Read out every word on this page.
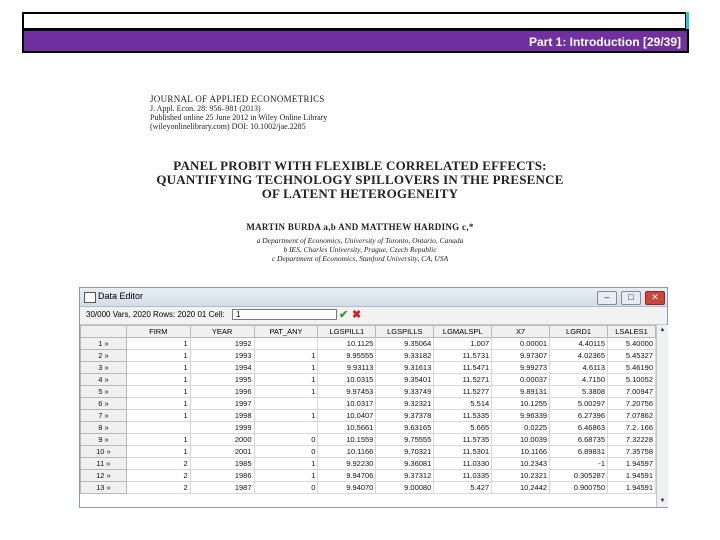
Part 1: Introduction [29/39]
JOURNAL OF APPLIED ECONOMETRICS
J. Appl. Econ. 28: 956–981 (2013)
Published online 25 June 2012 in Wiley Online Library
(wileyonlinelibrary.com) DOI: 10.1002/jae.2285
PANEL PROBIT WITH FLEXIBLE CORRELATED EFFECTS:
QUANTIFYING TECHNOLOGY SPILLOVERS IN THE PRESENCE
OF LATENT HETEROGENEITY
MARTIN BURDA a,b AND MATTHEW HARDING c,*
a Department of Economics, University of Toronto, Ontario, Canada
b IES, Charles University, Prague, Czech Republic
c Department of Economics, Stanford University, CA, USA
Data Editor	–	□	✕
30/000 Vars, 2020 Rows: 2020 01 Cell:
1	✔ ✖
	FIRM	YEAR	PAT_ANY	LGSPILL1	LGSPILLS	LGMALSPL	X7	LGRD1	LSALES1
1 »	1	1992		10.1125	9.35064	1.007	0.00001	4.40115	5.40000
2 »	1	1993	1	9.95555	9.33182	11.5731	9.97307	4.02365	5.45327
3 »	1	1994	1	9.93113	9.31613	11.5471	9.99273	4.6113	5.46190
4 »	1	1995	1	10.0315	9.35401	11.5271	0.00037	4.7150	5.10052
5 »	1	1996	1	9.97453	9.33749	11.5277	9.89131	5.3808	7.00947
6 »	1	1997		10.0317	9.32321	5.514	10.1255	5.00297	7.20756
7 »	1	1998	1	10.0407	9.37378	11.5335	9.96339	6.27396	7.07862
8 »		1999		10.5661	9.63165	5.665	0.0225	6.46863	7.2. 166
9 »	1	2000	0	10.1559	9.75555	11.5735	10.0039	6.68735	7.32228
10 »	1	2001	0	10.1166	9.70321	11.5301	10.1166	6.89831	7.35758
11 »	2	1985	1	9.92230	9.36081	11.0330	10.2343	-1	1.94597
12 »	2	1986	1	9.94706	9.37312	11.0335	10.2321	0.305287	1.94591
13 »	2	1987	0	9.94070	9.00080	5.427	10.2442	0.900750	1.94591
▲
▼
